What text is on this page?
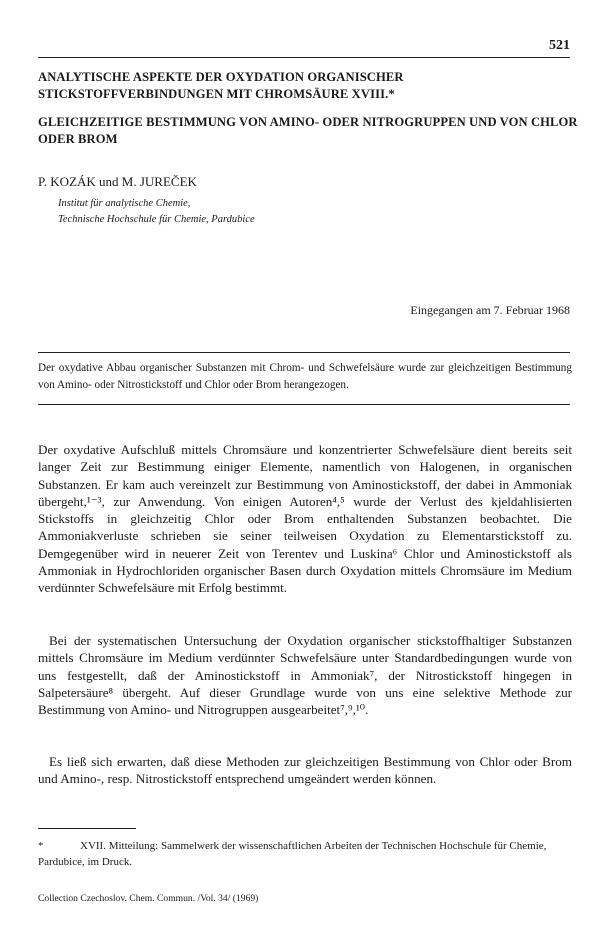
521
ANALYTISCHE ASPEKTE DER OXYDATION ORGANISCHER STICKSTOFFVERBINDUNGEN MIT CHROMSÄURE XVIII.*
GLEICHZEITIGE BESTIMMUNG VON AMINO- ODER NITROGRUPPEN UND VON CHLOR ODER BROM
P. KOZÁK und M. JUREČEK
Institut für analytische Chemie,
Technische Hochschule für Chemie, Pardubice
Eingegangen am 7. Februar 1968

Der oxydative Abbau organischer Substanzen mit Chrom- und Schwefelsäure wurde zur gleichzeitigen Bestimmung von Amino- oder Nitrostickstoff und Chlor oder Brom herangezogen.

Der oxydative Aufschluß mittels Chromsäure und konzentrierter Schwefelsäure dient bereits seit langer Zeit zur Bestimmung einiger Elemente, namentlich von Halogenen, in organischen Substanzen. Er kam auch vereinzelt zur Bestimmung von Aminostickstoff, der dabei in Ammoniak übergeht,¹⁻³, zur Anwendung. Von einigen Autoren⁴,⁵ wurde der Verlust des kjeldahlisierten Stickstoffs in gleichzeitig Chlor oder Brom enthaltenden Substanzen beobachtet. Die Ammoniakverluste schrieben sie seiner teilweisen Oxydation zu Elementarstickstoff zu. Demgegenüber wird in neuerer Zeit von Terentev und Luskina⁶ Chlor und Aminostickstoff als Ammoniak in Hydrochloriden organischer Basen durch Oxydation mittels Chromsäure im Medium verdünnter Schwefelsäure mit Erfolg bestimmt.

Bei der systematischen Untersuchung der Oxydation organischer stickstoffhaltiger Substanzen mittels Chromsäure im Medium verdünnter Schwefelsäure unter Standardbedingungen wurde von uns festgestellt, daß der Aminostickstoff in Ammoniak⁷, der Nitrostickstoff hingegen in Salpetersäure⁸ übergeht. Auf dieser Grundlage wurde von uns eine selektive Methode zur Bestimmung von Amino- und Nitrogruppen ausgearbeitet⁷,⁹,¹⁰.

Es ließ sich erwarten, daß diese Methoden zur gleichzeitigen Bestimmung von Chlor oder Brom und Amino-, resp. Nitrostickstoff entsprechend umgeändert werden können.

*	XVII. Mitteilung: Sammelwerk der wissenschaftlichen Arbeiten der Technischen Hochschule für Chemie, Pardubice, im Druck.

Collection Czechoslov. Chem. Commun. /Vol. 34/ (1969)
